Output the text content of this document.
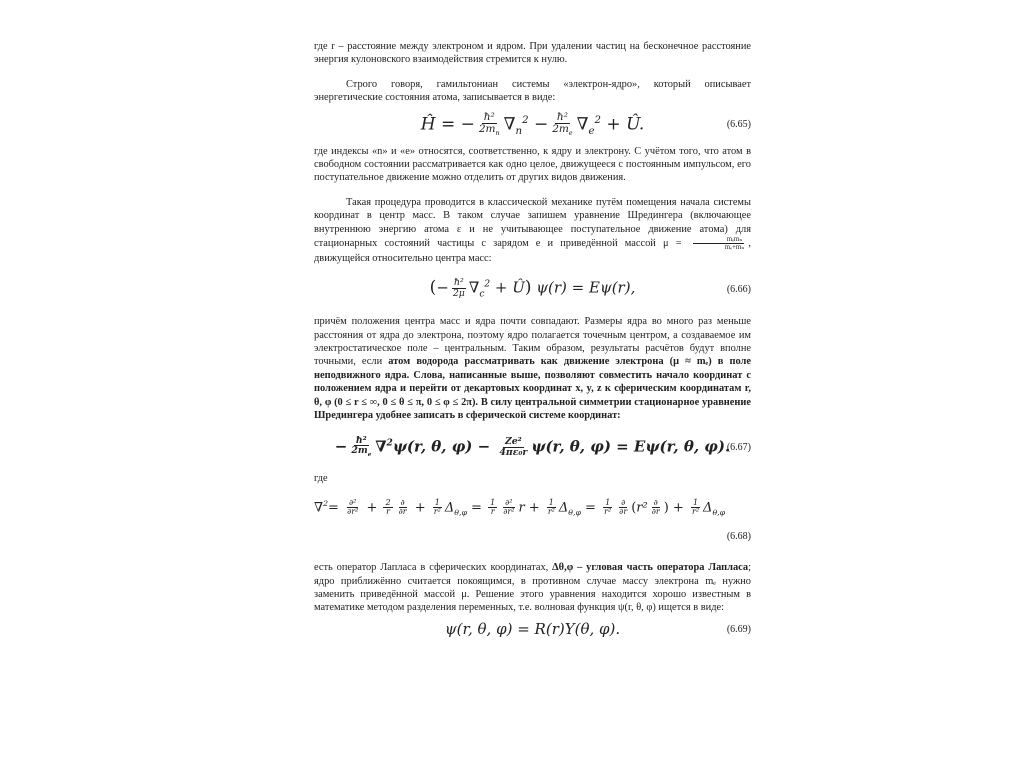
где r – расстояние между электроном и ядром. При удалении частиц на бесконечное расстояние энергия кулоновского взаимодействия стремится к нулю.

Строго говоря, гамильтониан системы «электрон-ядро», который описывает энергетические состояния атома, записывается в виде:

Ĥ = − $\frac{\text{ħ²}}{2m_n} \nabla_n^2 - \frac{\text{ħ²}}{2m_e} \nabla_e^2$ + Û.	(6.65)

где индексы «n» и «e» относятся, соответственно, к ядру и электрону. С учётом того, что атом в свободном состоянии рассматривается как одно целое, движущееся с постоянным импульсом, его поступательное движение можно отделить от других видов движения.

Такая процедура проводится в классической механике путём помещения начала системы координат в центр масс. В таком случае запишем уравнение Шредингера (включающее внутреннюю энергию атома ε и не учитывающее поступательное движение атома) для стационарных состояний частицы с зарядом e и приведённой массой $\mu = \frac{\text{mₑmₙ}}{\text{mₑ+mₙ}}$ , движущейся относительно центра масс:

(− $\frac{\text{ħ²}}{2\mu} \nabla_c^2$ + Û) ψ(r) = Eψ(r),	(6.66)

причём положения центра масс и ядра почти совпадают. Размеры ядра во много раз меньше расстояния от ядра до электрона, поэтому ядро полагается точечным центром, а создаваемое им электростатическое поле – центральным. Таким образом, результаты расчётов будут вполне точными, если атом водорода рассматривать как движение электрона (μ ≈ mₑ) в поле неподвижного ядра. Слова, написанные выше, позволяют совместить начало координат с положением ядра и перейти от декартовых координат x, y, z к сферическим координатам r, θ, φ (0 ≤ r ≤ ∞, 0 ≤ θ ≤ π, 0 ≤ φ ≤ 2π). В силу центральной симметрии стационарное уравнение Шредингера удобнее записать в сферической системе координат:

− $\frac{\text{ħ²}}{2m_e} \nabla^2\psi(r$, θ, $\varphi) - \frac{\text{Ze²}}{\text{4πε₀r}} \psi(r$, θ, φ) = Eψ(r, θ, φ).
(6.67)

где

$\nabla^2= \frac{\text{∂²}}{\text{∂r²}} + \frac{2}{r} \frac{\partial}{\partial r} + \frac{1}{\text{r²}} \Delta_{\theta,\varphi} = \frac{1}{r} \frac{\text{∂²}}{\text{∂r²}}$ $r + \frac{1}{\text{r²}} \Delta_{\theta,\varphi} = \frac{1}{\text{r²}} \frac{\partial}{\partial r} (r^2 \frac{\partial}{\partial r}$ ) + $\frac{1}{\text{r²}} \Delta_{\theta,\varphi}$
(6.68)

есть оператор Лапласа в сферических координатах, Δθ,φ – угловая часть оператора Лапласа; ядро приближённо считается покоящимся, в противном случае массу электрона mₑ нужно заменить приведённой массой μ. Решение этого уравнения находится хорошо известным в математике методом разделения переменных, т.е. волновая функция ψ(r, θ, φ) ищется в виде:

ψ(r, θ, φ) = R(r)Y(θ, φ).	(6.69)
